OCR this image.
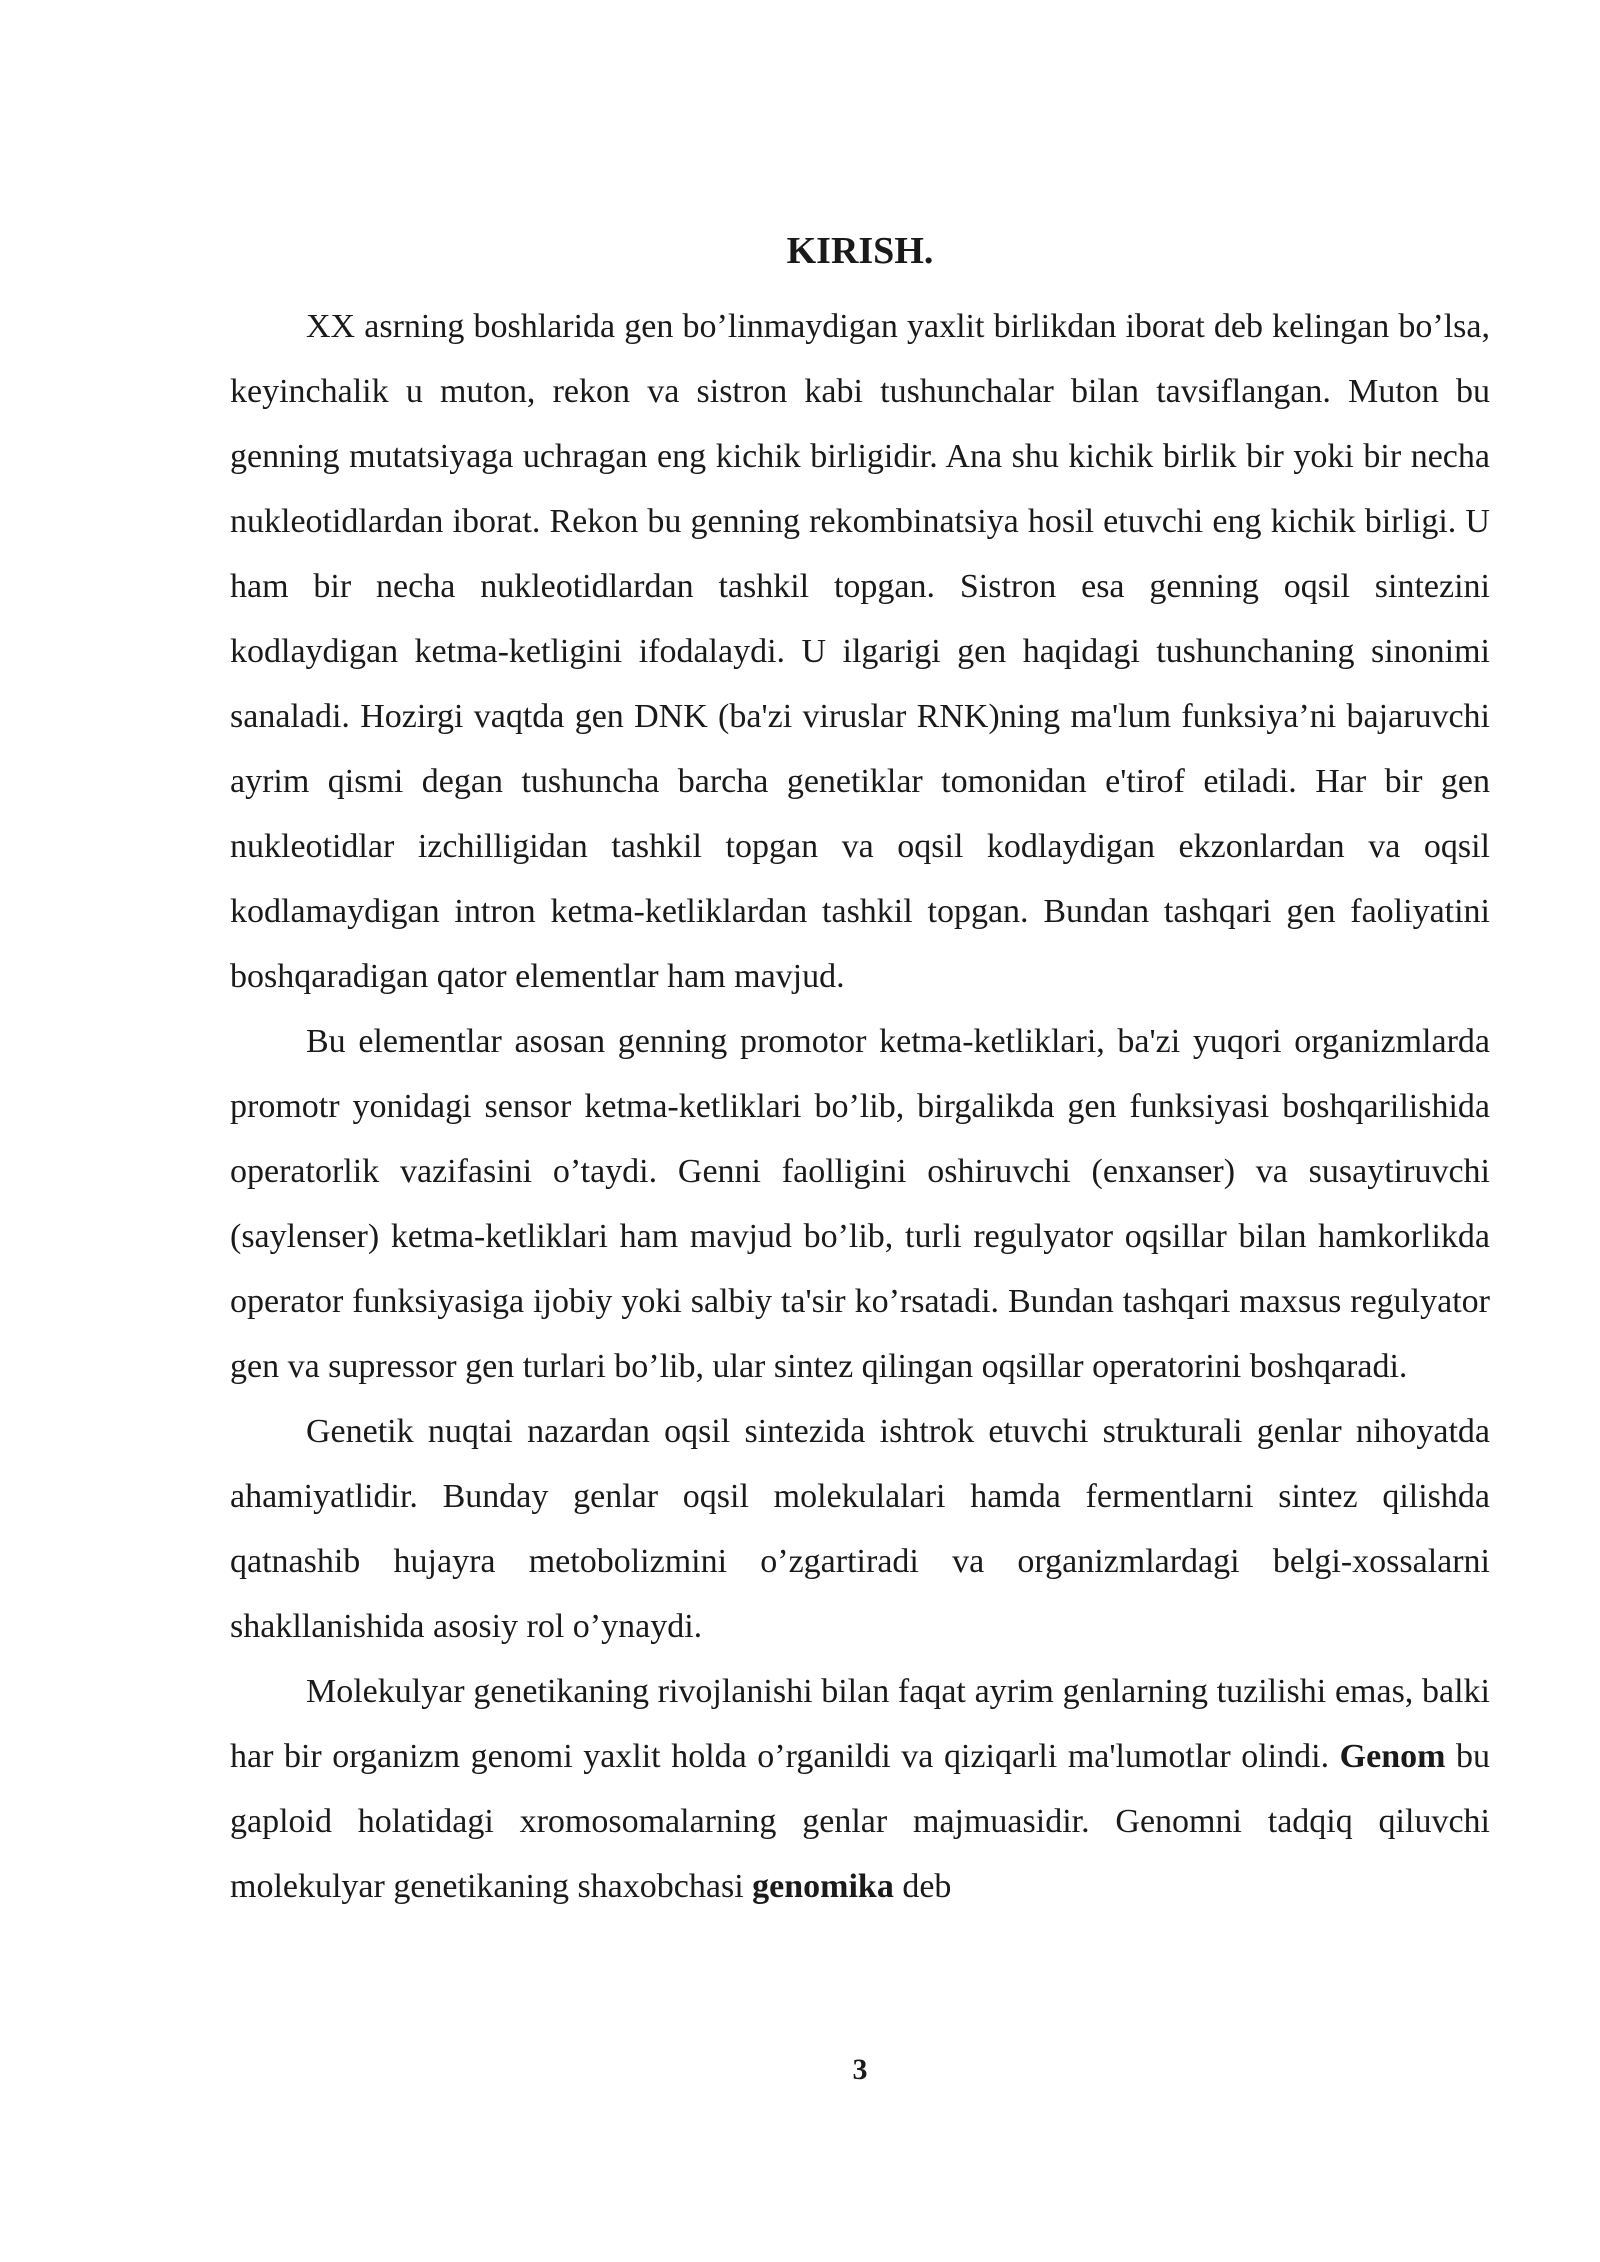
KIRISH.

XX asrning boshlarida gen bo’linmaydigan yaxlit birlikdan iborat deb kelingan bo’lsa, keyinchalik u muton, rekon va sistron kabi tushunchalar bilan tavsiflangan. Muton bu genning mutatsiyaga uchragan eng kichik birligidir. Ana shu kichik birlik bir yoki bir necha nukleotidlardan iborat. Rekon bu genning rekombinatsiya hosil etuvchi eng kichik birligi. U ham bir necha nukleotidlardan tashkil topgan. Sistron esa genning oqsil sintezini kodlaydigan ketma-ketligini ifodalaydi. U ilgarigi gen haqidagi tushunchaning sinonimi sanaladi. Hozirgi vaqtda gen DNK (ba'zi viruslar RNK)ning ma'lum funksiya’ni bajaruvchi ayrim qismi degan tushuncha barcha genetiklar tomonidan e'tirof etiladi. Har bir gen nukleotidlar izchilligidan tashkil topgan va oqsil kodlaydigan ekzonlardan va oqsil kodlamaydigan intron ketma-ketliklardan tashkil topgan. Bundan tashqari gen faoliyatini boshqaradigan qator elementlar ham mavjud.

Bu elementlar asosan genning promotor ketma-ketliklari, ba'zi yuqori organizmlarda promotr yonidagi sensor ketma-ketliklari bo’lib, birgalikda gen funksiyasi boshqarilishida operatorlik vazifasini o’taydi. Genni faolligini oshiruvchi (enxanser) va susaytiruvchi (saylenser) ketma-ketliklari ham mavjud bo’lib, turli regulyator oqsillar bilan hamkorlikda operator funksiyasiga ijobiy yoki salbiy ta'sir ko’rsatadi. Bundan tashqari maxsus regulyator gen va supressor gen turlari bo’lib, ular sintez qilingan oqsillar operatorini boshqaradi.

Genetik nuqtai nazardan oqsil sintezida ishtrok etuvchi strukturali genlar nihoyatda ahamiyatlidir. Bunday genlar oqsil molekulalari hamda fermentlarni sintez qilishda qatnashib hujayra metobolizmini o’zgartiradi va organizmlardagi belgi-xossalarni shakllanishida asosiy rol o’ynaydi.

Molekulyar genetikaning rivojlanishi bilan faqat ayrim genlarning tuzilishi emas, balki har bir organizm genomi yaxlit holda o’rganildi va qiziqarli ma'lumotlar olindi. Genom bu gaploid holatidagi xromosomalarning genlar majmuasidir. Genomni tadqiq qiluvchi molekulyar genetikaning shaxobchasi genomika deb

3
